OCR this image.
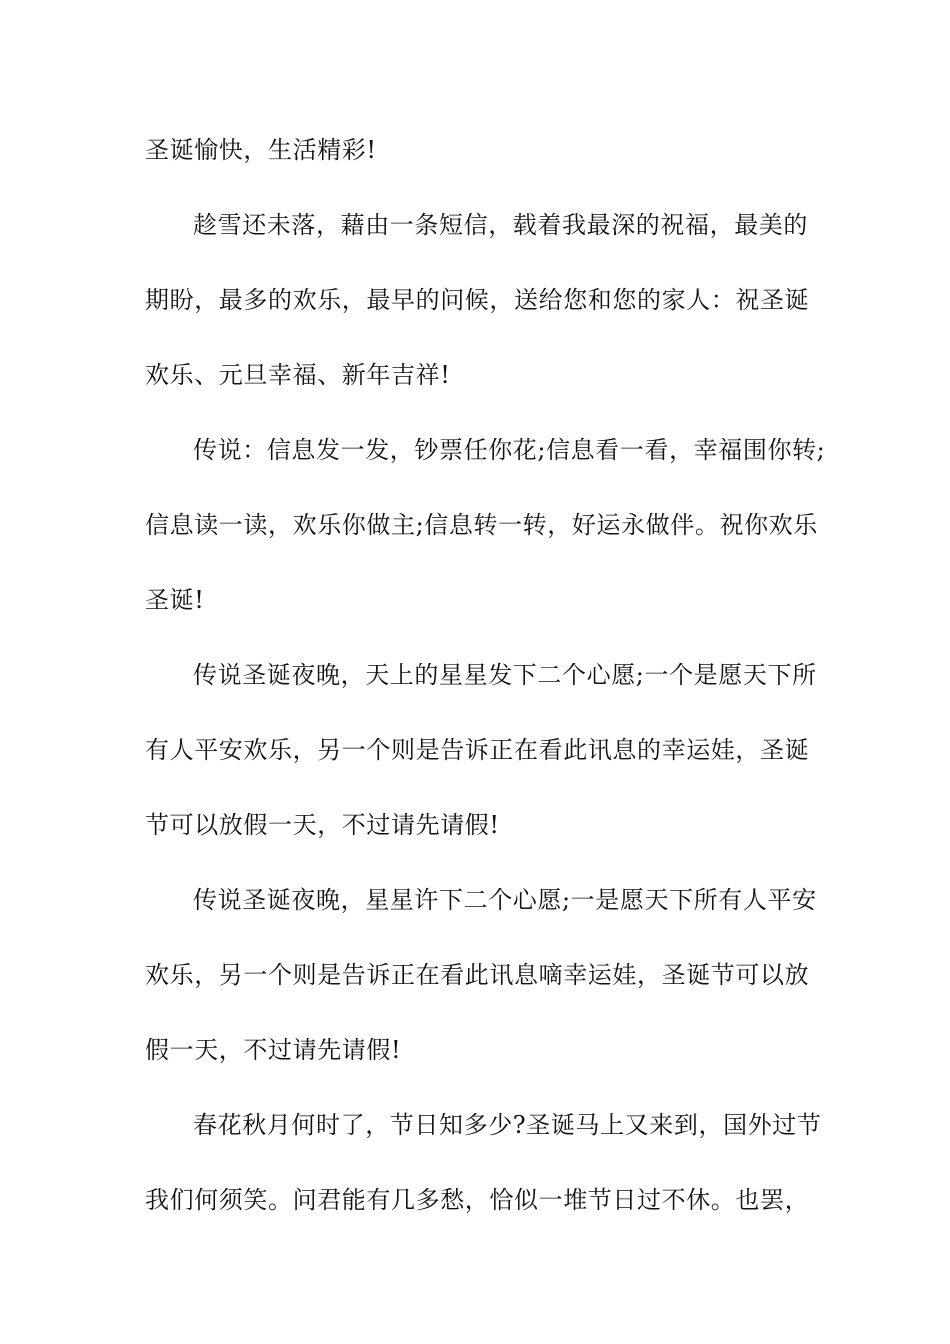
圣诞愉快，生活精彩!

趁雪还未落，藉由一条短信，载着我最深的祝福，最美的

期盼，最多的欢乐，最早的问候，送给您和您的家人：祝圣诞

欢乐、元旦幸福、新年吉祥!

传说：信息发一发，钞票任你花;信息看一看，幸福围你转;

信息读一读，欢乐你做主;信息转一转，好运永做伴。祝你欢乐

圣诞!

传说圣诞夜晚，天上的星星发下二个心愿;一个是愿天下所

有人平安欢乐，另一个则是告诉正在看此讯息的幸运娃，圣诞

节可以放假一天，不过请先请假!

传说圣诞夜晚，星星许下二个心愿;一是愿天下所有人平安

欢乐，另一个则是告诉正在看此讯息嘀幸运娃，圣诞节可以放

假一天，不过请先请假!

春花秋月何时了，节日知多少?圣诞马上又来到，国外过节

我们何须笑。问君能有几多愁，恰似一堆节日过不休。也罢，
